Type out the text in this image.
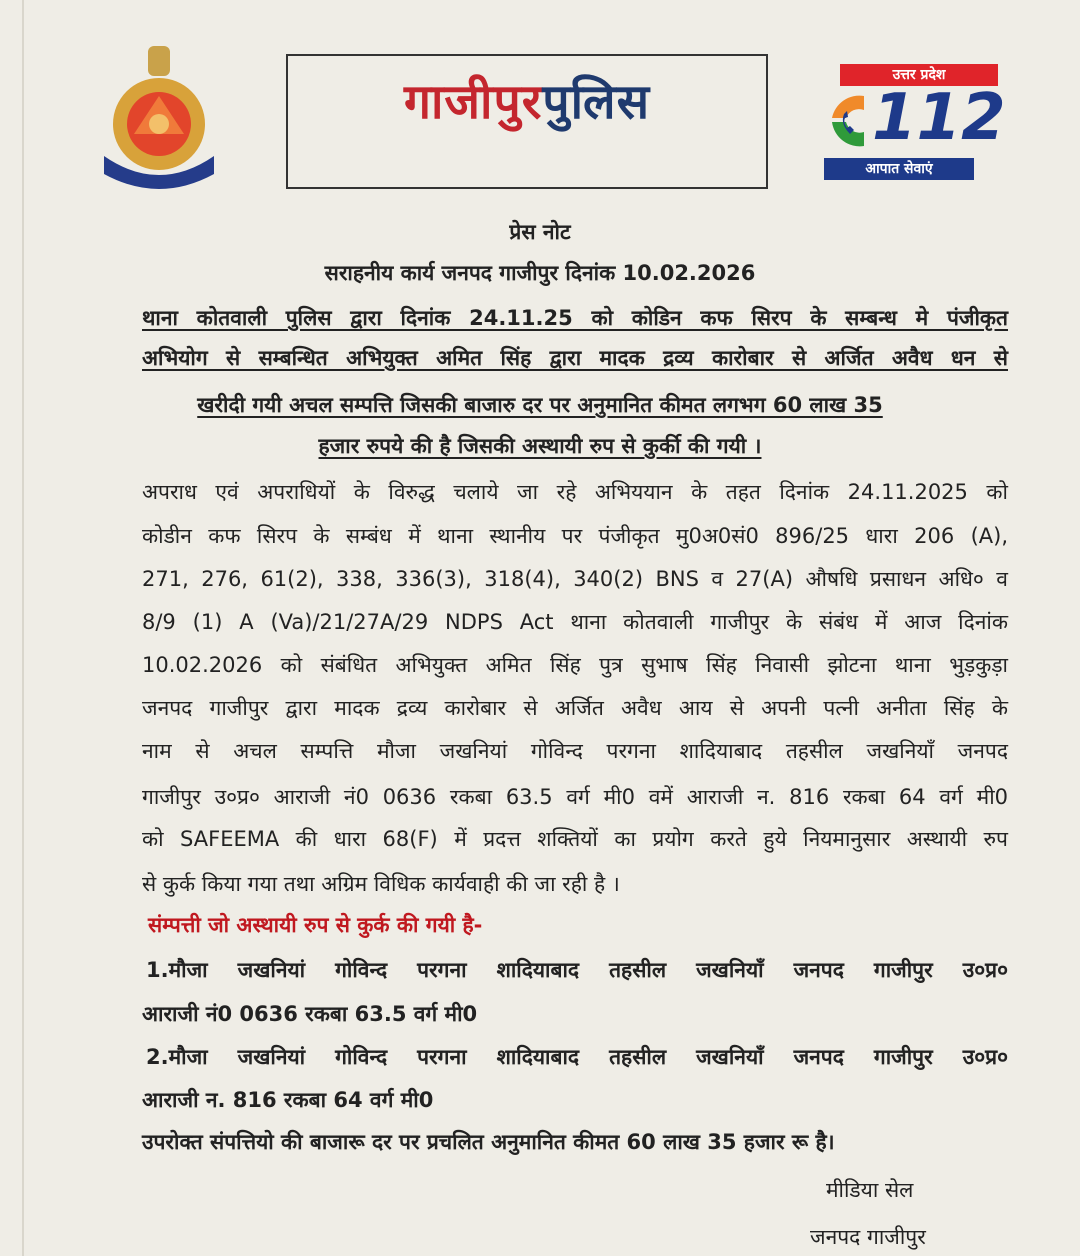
गाजीपुरपुलिस	उत्तर प्रदेश
112
आपात सेवाएं
प्रेस नोट
सराहनीय कार्य जनपद गाजीपुर दिनांक 10.02.2026
थाना कोतवाली पुलिस द्वारा दिनांक 24.11.25 को कोडिन कफ सिरप के सम्बन्ध मे पंजीकृत
अभियोग से सम्बन्धित अभियुक्त अमित सिंह द्वारा मादक द्रव्य कारोबार से अर्जित अवैध धन से
खरीदी गयी अचल सम्पत्ति जिसकी बाजारु दर पर अनुमानित कीमत लगभग 60 लाख 35
हजार रुपये की है जिसकी अस्थायी रुप से कुर्की की गयी ।
अपराध एवं अपराधियों के विरुद्ध चलाये जा रहे अभिययान के तहत दिनांक 24.11.2025 को
कोडीन कफ सिरप के सम्बंध में थाना स्थानीय पर पंजीकृत मु0अ0सं0 896/25 धारा 206 (A),
271, 276, 61(2), 338, 336(3), 318(4), 340(2) BNS व 27(A) औषधि प्रसाधन अधि० व
8/9 (1) A (Va)/21/27A/29 NDPS Act थाना कोतवाली गाजीपुर के संबंध में आज दिनांक
10.02.2026 को संबंधित अभियुक्त अमित सिंह पुत्र सुभाष सिंह निवासी झोटना थाना भुड़कुड़ा
जनपद गाजीपुर द्वारा मादक द्रव्य कारोबार से अर्जित अवैध आय से अपनी पत्नी अनीता सिंह के
नाम से अचल सम्पत्ति मौजा जखनियां गोविन्द परगना शादियाबाद तहसील जखनियाँ जनपद
गाजीपुर उ०प्र० आराजी नं0 0636 रकबा 63.5 वर्ग मी0 वमें आराजी न. 816 रकबा 64 वर्ग मी0
को SAFEEMA की धारा 68(F) में प्रदत्त शक्तियों का प्रयोग करते हुये नियमानुसार अस्थायी रुप
से कुर्क किया गया तथा अग्रिम विधिक कार्यवाही की जा रही है ।
संम्पत्ती जो अस्थायी रुप से कुर्क की गयी है-
1.मौजा जखनियां गोविन्द परगना शादियाबाद तहसील जखनियाँ जनपद गाजीपुर उ०प्र०
आराजी नं0 0636 रकबा 63.5 वर्ग मी0
2.मौजा जखनियां गोविन्द परगना शादियाबाद तहसील जखनियाँ जनपद गाजीपुर उ०प्र०
आराजी न. 816 रकबा 64 वर्ग मी0
उपरोक्त संपत्तियो की बाजारू दर पर प्रचलित अनुमानित कीमत 60 लाख 35 हजार रू है।
मीडिया सेल
जनपद गाजीपुर
